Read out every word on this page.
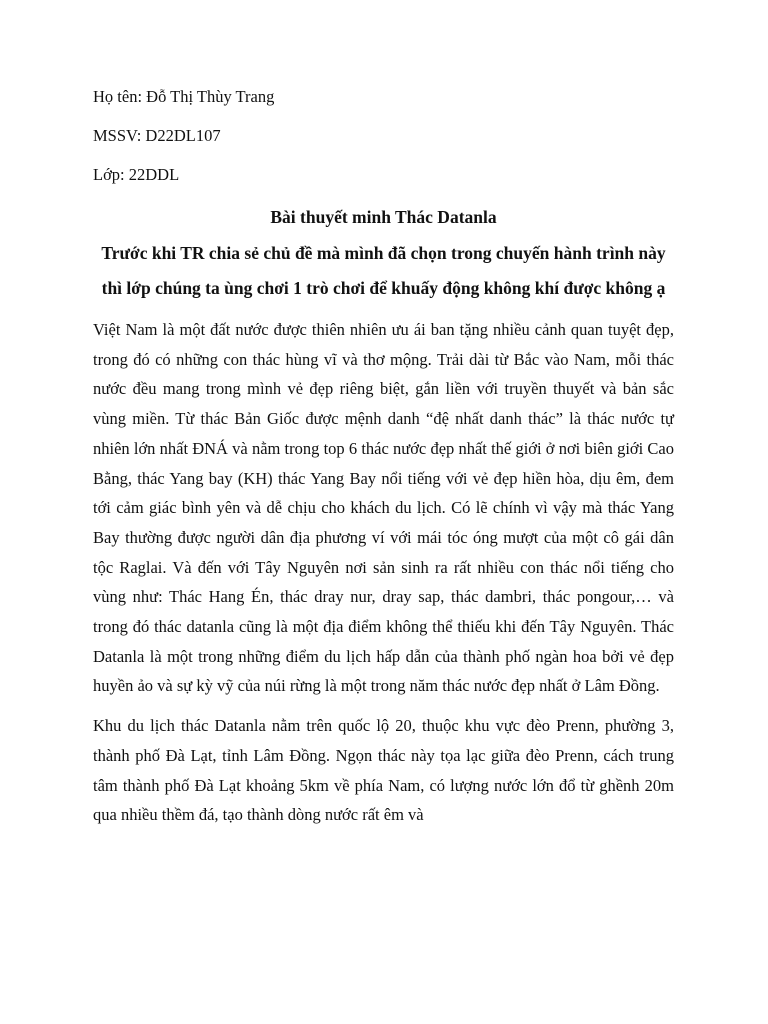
Họ tên: Đỗ Thị Thùy Trang
MSSV: D22DL107
Lớp: 22DDL
Bài thuyết minh Thác Datanla
Trước khi TR chia sẻ chủ đề mà mình đã chọn trong chuyến hành trình này thì lớp chúng ta ùng chơi 1 trò chơi để khuấy động không khí được không ạ

Việt Nam là một đất nước được thiên nhiên ưu ái ban tặng nhiều cảnh quan tuyệt đẹp, trong đó có những con thác hùng vĩ và thơ mộng. Trải dài từ Bắc vào Nam, mỗi thác nước đều mang trong mình vẻ đẹp riêng biệt, gắn liền với truyền thuyết và bản sắc vùng miền. Từ thác Bản Giốc được mệnh danh “đệ nhất danh thác” là thác nước tự nhiên lớn nhất ĐNÁ và nằm trong top 6 thác nước đẹp nhất thế giới ở nơi biên giới Cao Bằng, thác Yang bay (KH) thác Yang Bay nổi tiếng với vẻ đẹp hiền hòa, dịu êm, đem tới cảm giác bình yên và dễ chịu cho khách du lịch. Có lẽ chính vì vậy mà thác Yang Bay thường được người dân địa phương ví với mái tóc óng mượt của một cô gái dân tộc Raglai. Và đến với Tây Nguyên nơi sản sinh ra rất nhiều con thác nổi tiếng cho vùng như: Thác Hang Én, thác dray nur, dray sap, thác dambri, thác pongour,… và trong đó thác datanla cũng là một địa điểm không thể thiếu khi đến Tây Nguyên. Thác Datanla là một trong những điểm du lịch hấp dẫn của thành phố ngàn hoa bởi vẻ đẹp huyền ảo và sự kỳ vỹ của núi rừng là một trong năm thác nước đẹp nhất ở Lâm Đồng.

Khu du lịch thác Datanla nằm trên quốc lộ 20, thuộc khu vực đèo Prenn, phường 3, thành phố Đà Lạt, tỉnh Lâm Đồng. Ngọn thác này tọa lạc giữa đèo Prenn, cách trung tâm thành phố Đà Lạt khoảng 5km về phía Nam, có lượng nước lớn đổ từ ghềnh 20m qua nhiều thềm đá, tạo thành dòng nước rất êm và
